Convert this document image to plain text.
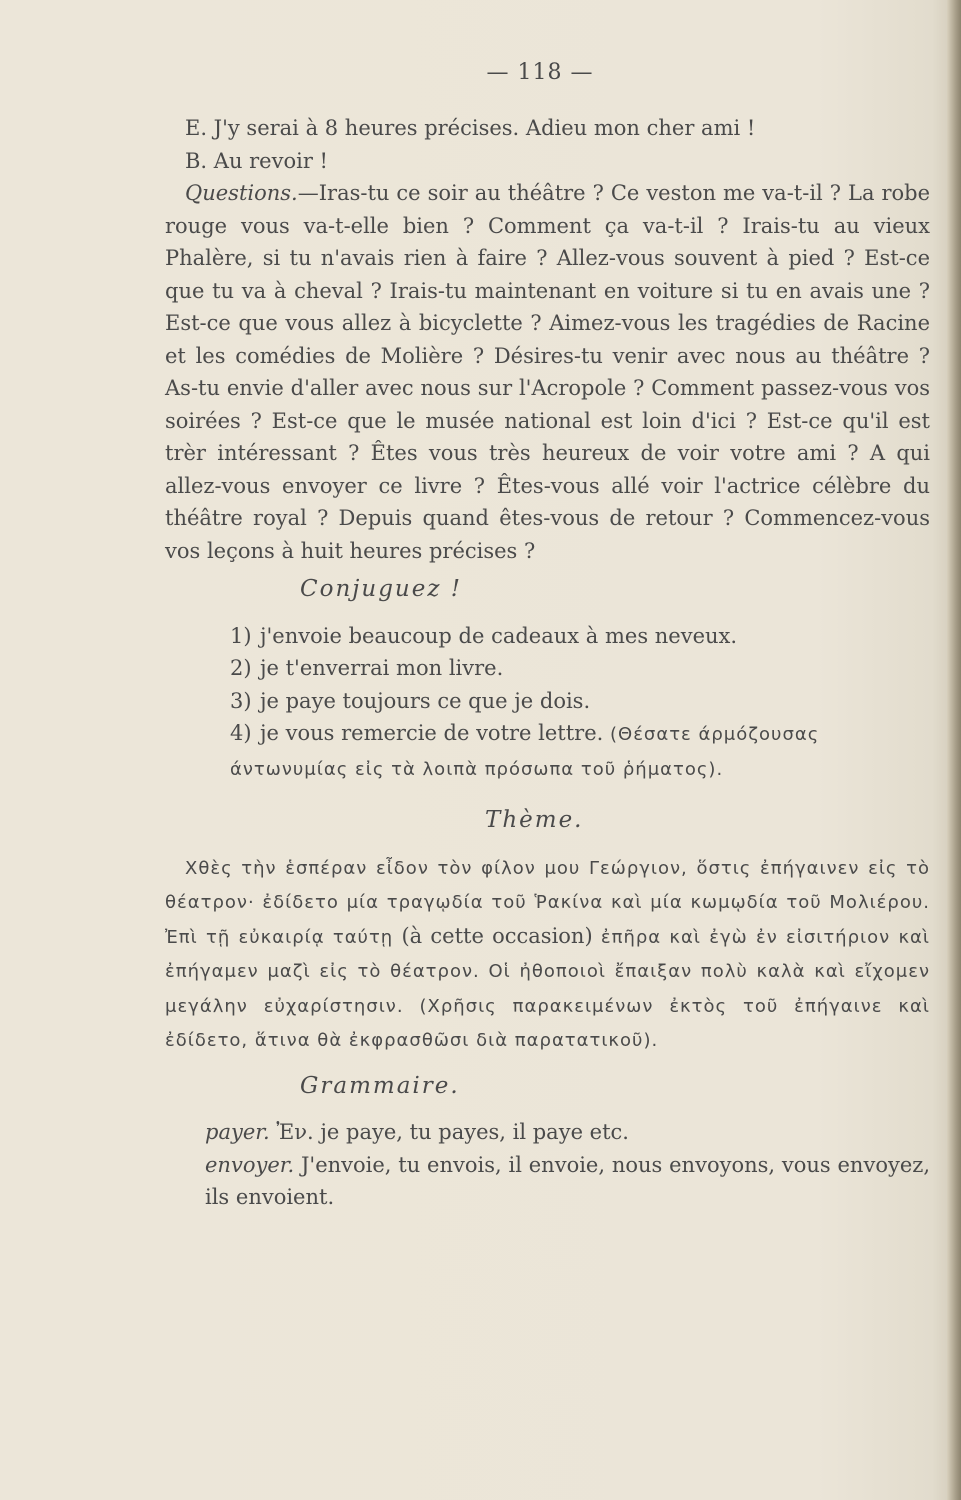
— 118 —

E. J'y serai à 8 heures précises. Adieu mon cher ami !

B. Au revoir !

Questions.—Iras-tu ce soir au théâtre ? Ce veston me va-t-il ? La robe rouge vous va-t-elle bien ? Comment ça va-t-il ? Irais-tu au vieux Phalère, si tu n'avais rien à faire ? Allez-vous souvent à pied ? Est-ce que tu va à cheval ? Irais-tu maintenant en voiture si tu en avais une ? Est-ce que vous allez à bicyclette ? Aimez-vous les tragédies de Racine et les comédies de Molière ? Désires-tu venir avec nous au théâtre ? As-tu envie d'aller avec nous sur l'Acropole ? Comment passez-vous vos soirées ? Est-ce que le musée national est loin d'ici ? Est-ce qu'il est trèr intéressant ? Êtes vous très heureux de voir votre ami ? A qui allez-vous envoyer ce livre ? Êtes-vous allé voir l'actrice célèbre du théâtre royal ? Depuis quand êtes-vous de retour ? Commencez-vous vos leçons à huit heures précises ?

Conjuguez !

1) j'envoie beaucoup de cadeaux à mes neveux.
2) je t'enverrai mon livre.
3) je paye toujours ce que je dois.
4) je vous remercie de votre lettre. (Θέσατε άρμόζουσας άντωνυμίας εἰς τὰ λοιπὰ πρόσωπα τοῦ ῥήματος).

Thème.

Χθὲς τὴν ἑσπέραν εἶδον τὸν φίλον μου Γεώργιον, ὅστις ἐπήγαινεν εἰς τὸ θέατρον· ἐδίδετο μία τραγῳδία τοῦ Ῥακίνα καὶ μία κωμῳδία τοῦ Μολιέρου. Ἐπὶ τῇ εὐκαιρίᾳ ταύτῃ (à cette occasion) ἐπῆρα καὶ ἐγὼ ἐν εἰσιτήριον καὶ ἐπήγαμεν μαζὶ εἰς τὸ θέατρον. Οἱ ἠθοποιοὶ ἔπαιξαν πολὺ καλὰ καὶ εἴχομεν μεγάλην εὐχαρίστησιν. (Χρῆσις παρακειμένων ἐκτὸς τοῦ ἐπήγαινε καὶ ἐδίδετο, ἅτινα θὰ ἐκφρασθῶσι διὰ παρατατικοῦ).

Grammaire.

payer. Ἐν. je paye, tu payes, il paye etc.

envoyer. J'envoie, tu envois, il envoie, nous envoyons, vous envoyez, ils envoient.
